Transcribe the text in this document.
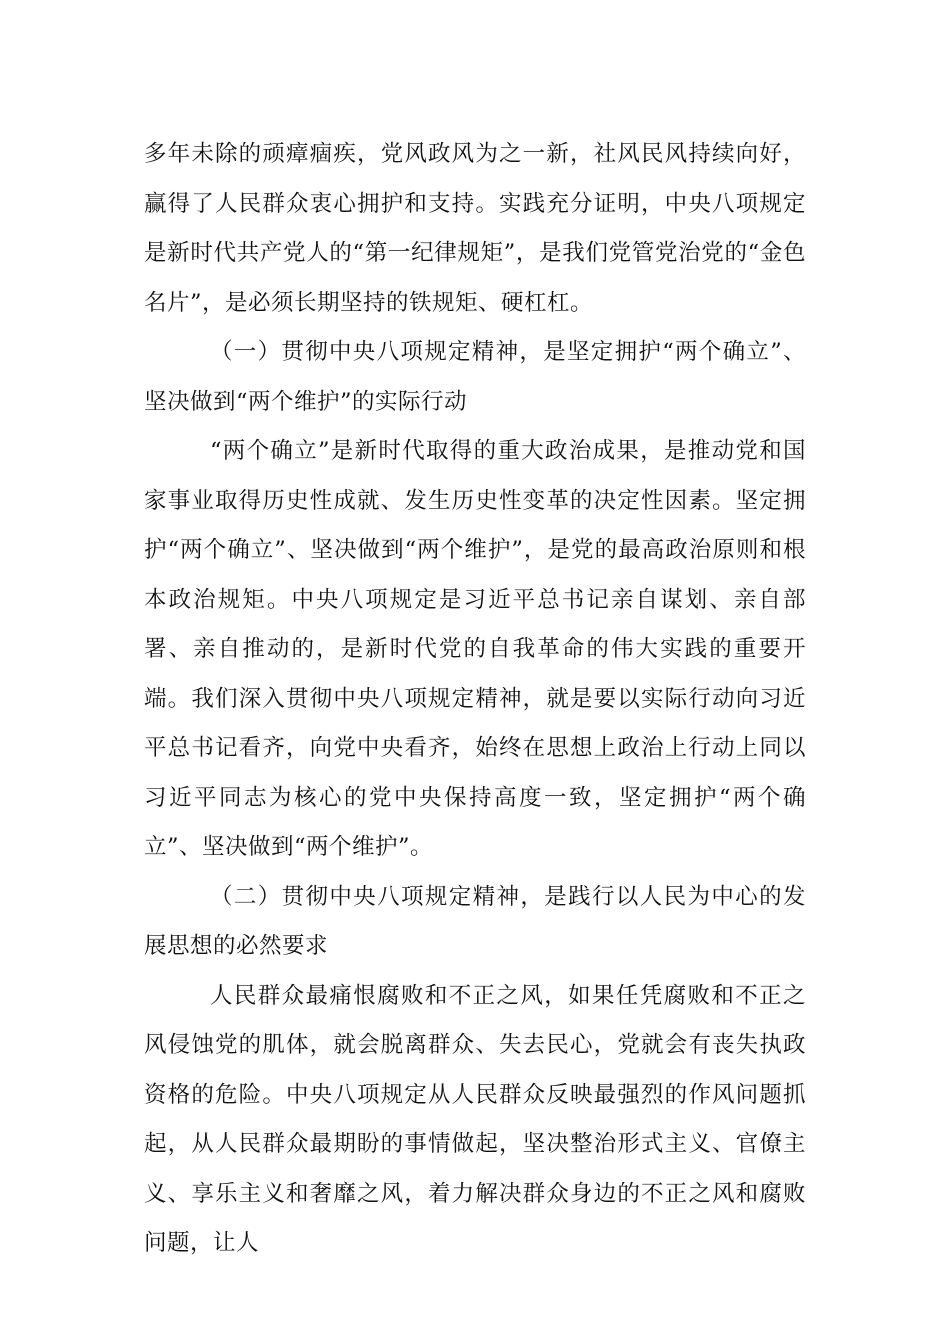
多年未除的顽瘴痼疾，党风政风为之一新，社风民风持续向好，赢得了人民群众衷心拥护和支持。实践充分证明，中央八项规定是新时代共产党人的“第一纪律规矩”，是我们党管党治党的“金色名片”，是必须长期坚持的铁规矩、硬杠杠。

（一）贯彻中央八项规定精神，是坚定拥护“两个确立”、坚决做到“两个维护”的实际行动

“两个确立”是新时代取得的重大政治成果，是推动党和国家事业取得历史性成就、发生历史性变革的决定性因素。坚定拥护“两个确立”、坚决做到“两个维护”，是党的最高政治原则和根本政治规矩。中央八项规定是习近平总书记亲自谋划、亲自部署、亲自推动的，是新时代党的自我革命的伟大实践的重要开端。我们深入贯彻中央八项规定精神，就是要以实际行动向习近平总书记看齐，向党中央看齐，始终在思想上政治上行动上同以习近平同志为核心的党中央保持高度一致，坚定拥护“两个确立”、坚决做到“两个维护”。

（二）贯彻中央八项规定精神，是践行以人民为中心的发展思想的必然要求

人民群众最痛恨腐败和不正之风，如果任凭腐败和不正之风侵蚀党的肌体，就会脱离群众、失去民心，党就会有丧失执政资格的危险。中央八项规定从人民群众反映最强烈的作风问题抓起，从人民群众最期盼的事情做起，坚决整治形式主义、官僚主义、享乐主义和奢靡之风，着力解决群众身边的不正之风和腐败问题，让人
